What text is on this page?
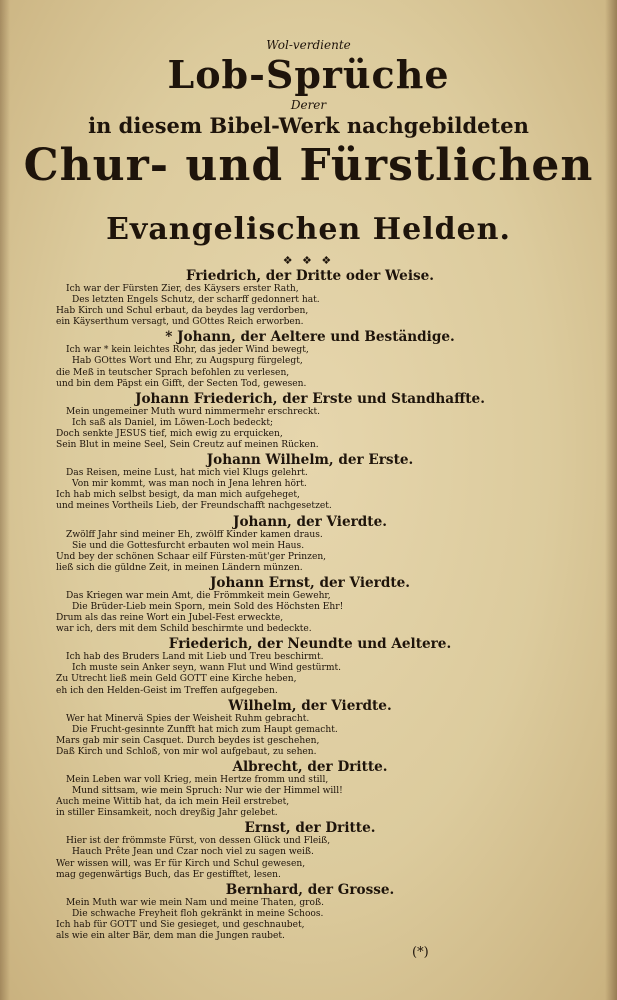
Wol-verdiente
Lob-Sprüche
Derer
in diesem Bibel-Werk nachgebildeten
Chur- und Fürstlichen
Evangelischen Helden.
❖ ❖ ❖
Friedrich, der Dritte oder Weise.
Ich war der Fürsten Zier, des Käysers erster Rath,
Des letzten Engels Schutz, der scharff gedonnert hat.
Hab Kirch und Schul erbaut, da beydes lag verdorben,
ein Käyserthum versagt, und GOttes Reich erworben.
* Johann, der Aeltere und Beständige.
Ich war * kein leichtes Rohr, das jeder Wind bewegt,
Hab GOttes Wort und Ehr, zu Augspurg fürgelegt,
die Meß in teutscher Sprach befohlen zu verlesen,
und bin dem Päpst ein Gifft, der Secten Tod, gewesen.
Johann Friederich, der Erste und Standhaffte.
Mein ungemeiner Muth wurd nimmermehr erschreckt.
Ich saß als Daniel, im Löwen-Loch bedeckt;
Doch senkte JESUS tief, mich ewig zu erquicken,
Sein Blut in meine Seel, Sein Creutz auf meinen Rücken.
Johann Wilhelm, der Erste.
Das Reisen, meine Lust, hat mich viel Klugs gelehrt.
Von mir kommt, was man noch in Jena lehren hört.
Ich hab mich selbst besigt, da man mich aufgeheget,
und meines Vortheils Lieb, der Freundschafft nachgesetzet.
Johann, der Vierdte.
Zwölff Jahr sind meiner Eh, zwölff Kinder kamen draus.
Sie und die Gottesfurcht erbauten wol mein Haus.
Und bey der schönen Schaar eilf Fürsten-müt'ger Prinzen,
ließ sich die güldne Zeit, in meinen Ländern münzen.
Johann Ernst, der Vierdte.
Das Kriegen war mein Amt, die Frömmkeit mein Gewehr,
Die Brüder-Lieb mein Sporn, mein Sold des Höchsten Ehr!
Drum als das reine Wort ein Jubel-Fest erweckte,
war ich, ders mit dem Schild beschirmte und bedeckte.
Friederich, der Neundte und Aeltere.
Ich hab des Bruders Land mit Lieb und Treu beschirmt.
Ich muste sein Anker seyn, wann Flut und Wind gestürmt.
Zu Utrecht ließ mein Geld GOTT eine Kirche heben,
eh ich den Helden-Geist im Treffen aufgegeben.
Wilhelm, der Vierdte.
Wer hat Minervä Spies der Weisheit Ruhm gebracht.
Die Frucht-gesinnte Zunfft hat mich zum Haupt gemacht.
Mars gab mir sein Casquet. Durch beydes ist geschehen,
Daß Kirch und Schloß, von mir wol aufgebaut, zu sehen.
Albrecht, der Dritte.
Mein Leben war voll Krieg, mein Hertze fromm und still,
Mund sittsam, wie mein Spruch: Nur wie der Himmel will!
Auch meine Wittib hat, da ich mein Heil erstrebet,
in stiller Einsamkeit, noch dreyßig Jahr gelebet.
Ernst, der Dritte.
Hier ist der frömmste Fürst, von dessen Glück und Fleiß,
Hauch Prête Jean und Czar noch viel zu sagen weiß.
Wer wissen will, was Er für Kirch und Schul gewesen,
mag gegenwärtigs Buch, das Er gestifftet, lesen.
Bernhard, der Grosse.
Mein Muth war wie mein Nam und meine Thaten, groß.
Die schwache Freyheit floh gekränkt in meine Schoos.
Ich hab für GOTT und Sie gesieget, und geschnaubet,
als wie ein alter Bär, dem man die Jungen raubet.
(*)
